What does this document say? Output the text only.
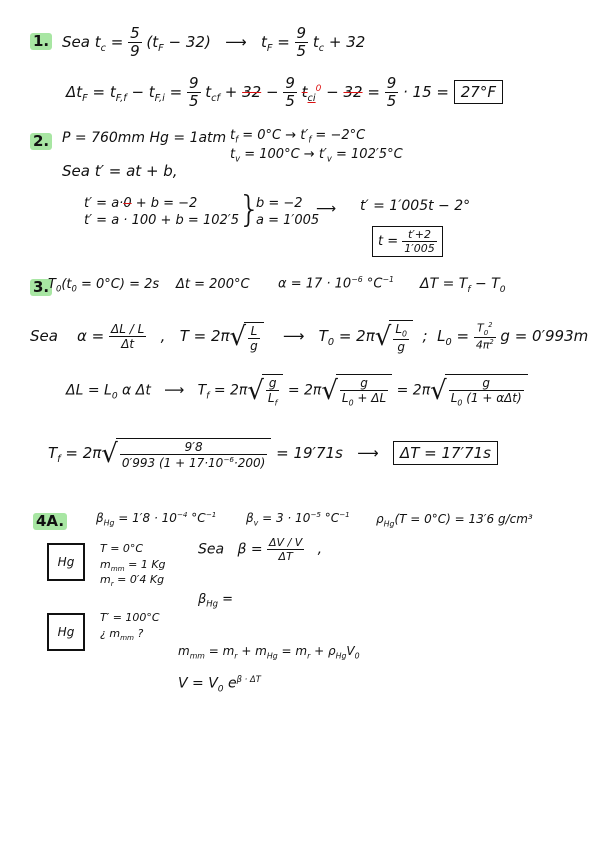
1. Sea $t_c = \frac{5}{9} (t_F - 32)$ ⟶ $t_F = \frac{9}{5} t_c + 32$
$\Delta t_F = t_{F,f} - t_{F,i} = \frac{9}{5} t_{cf} + 32 - \frac{9}{5} t_{ci}^0 - 32 = \frac{9}{5} \cdot 15 = 27^\circ F$
2. P = 760mm Hg = 1atm $t_f = 0^\circ C \to t'_f = -2^\circ C$
$t_v = 100^\circ C \to t'_v = 102'5^\circ C$
Sea t′ = at + b,
t′ = a·0 + b = −2
t′ = a · 100 + b = 102′5 }
b = −2
a = 1′005
⟶ t′ = 1′005t − 2°
$t = \frac{t'+2}{1'005}$
3.
$T_0(t_0 = 0^\circ C) = 2s$ Δt = 200°C $\alpha = 17 \cdot 10^{-6}$ $^\circ C^{-1}$ $\Delta T = T_f - T_0$
Sea $\alpha = \frac{\Delta L / L}{\Delta t}$ , $T = 2\pi√ \frac{L}{g}$ ⟶ $T_0 = 2\pi√ \frac{L_0}{g}$ ; $L_0 = \frac{T_0^2}{4\pi^2}$ g = 0′993m
$\Delta L = L_0$ α Δt ⟶ $T_f = 2\pi√ \frac{g}{L_f} = 2\pi√ \frac{g}{L_0 + \Delta L} = 2\pi√ \frac{g}{L_0 (1 + \alpha\Delta t)}$
$T_f = 2\pi√ \frac{9'8}{0'993 (1 + 17\cdot 10^{-6}\cdot 200)} = 19'71s$ ⟶ ΔT = 17′71s
4A.	$\beta_{Hg} = 1'8 \cdot 10^{-4}$ $^\circ C^{-1}$ $\beta_v = 3 \cdot 10^{-5}$ $^\circ C^{-1}$ $\rho_{Hg}(T = 0^\circ C) = 13'6$ g/cm³
Hg
T = 0°C
$m_{mm} = 1$ Kg
$m_r = 0'4$ Kg
Hg
T′ = 100°C
¿ $m_{mm}$ ?
Sea $\beta = \frac{\Delta V / V}{\Delta T}$ ,
$\beta_{Hg}$ =
$m_{mm} = m_r + m_{Hg} = m_r + \rho_{Hg}V_0$
$V = V_0$ $e^{\beta \cdot \Delta T}$
